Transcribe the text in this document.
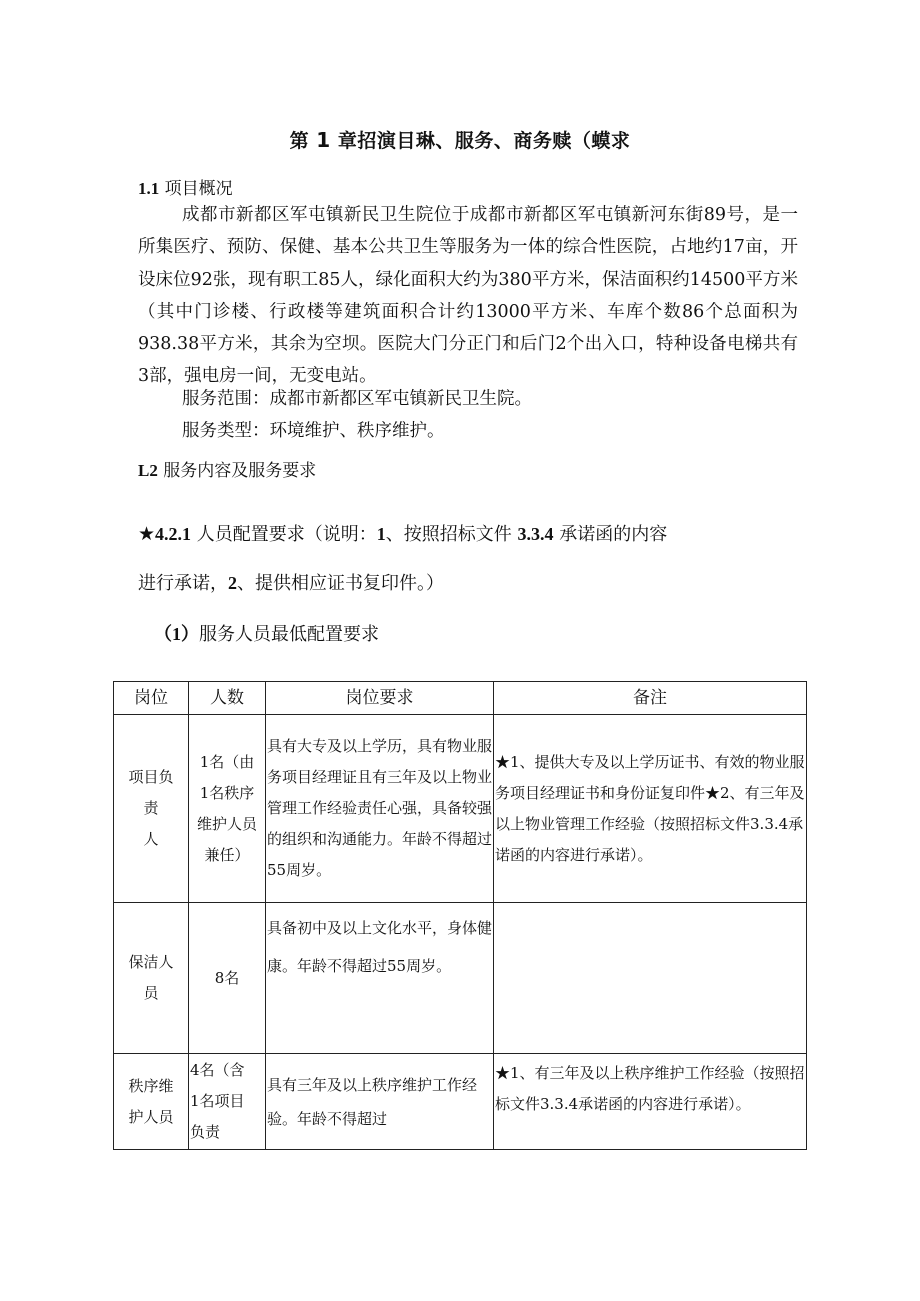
第 1 章招演目琳、服务、商务赎（蟆求
1.1 项目概况

成都市新都区军屯镇新民卫生院位于成都市新都区军屯镇新河东街89号，是一所集医疗、预防、保健、基本公共卫生等服务为一体的综合性医院，占地约17亩，开设床位92张，现有职工85人，绿化面积大约为380平方米，保洁面积约14500平方米（其中门诊楼、行政楼等建筑面积合计约13000平方米、车库个数86个总面积为938.38平方米，其余为空坝。医院大门分正门和后门2个出入口，特种设备电梯共有3部，强电房一间，无变电站。

服务范围：成都市新都区军屯镇新民卫生院。
服务类型：环境维护、秩序维护。
L2 服务内容及服务要求
★4.2.1 人员配置要求（说明：1、按照招标文件 3.3.4 承诺函的内容
进行承诺，2、提供相应证书复印件。）
（1）服务人员最低配置要求
岗位	人数	岗位要求	备注

项目负
责
人	1名（由
1名秩序
维护人员
兼任）	具有大专及以上学历，具有物业服务项目经理证且有三年及以上物业管理工作经验责任心强，具备较强的组织和沟通能力。年龄不得超过55周岁。	★1、提供大专及以上学历证书、有效的物业服务项目经理证书和身份证复印件★2、有三年及以上物业管理工作经验（按照招标文件3.3.4承诺函的内容进行承诺）。

保洁人
员	8名	具备初中及以上文化水平，身体健康。年龄不得超过55周岁。	

秩序维
护人员	4名（含
1名项目
负责	具有三年及以上秩序维护工作经验。年龄不得超过	★1、有三年及以上秩序维护工作经验（按照招标文件3.3.4承诺函的内容进行承诺）。
